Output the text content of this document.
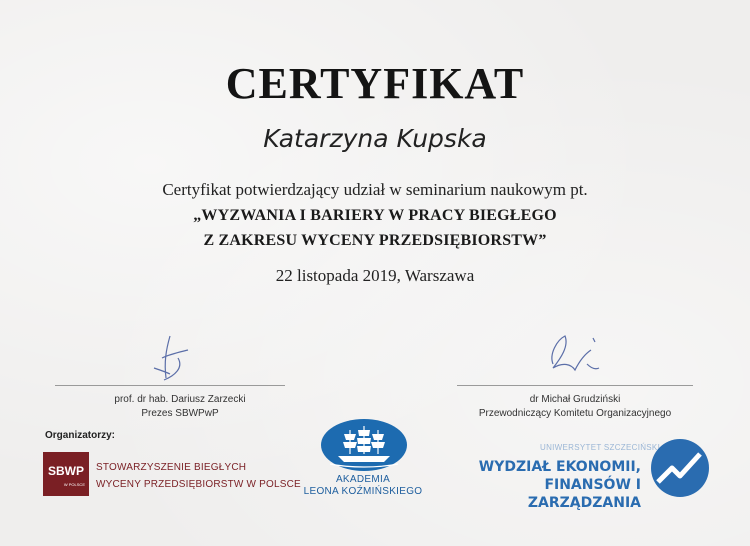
CERTYFIKAT
Katarzyna Kupska
Certyfikat potwierdzający udział w seminarium naukowym pt.
„WYZWANIA I BARIERY W PRACY BIEGŁEGO
Z ZAKRESU WYCENY PRZEDSIĘBIORSTW”
22 listopada 2019, Warszawa
prof. dr hab. Dariusz Zarzecki
Prezes SBWPwP
dr Michał Grudziński
Przewodniczący Komitetu Organizacyjnego
Organizatorzy:
SBWP
W POLSCE
STOWARZYSZENIE BIEGŁYCH
WYCENY PRZEDSIĘBIORSTW W POLSCE	AKADEMIA
LEONA KOŹMIŃSKIEGO
UNIWERSYTET SZCZECIŃSKI
WYDZIAŁ EKONOMII,
FINANSÓW I ZARZĄDZANIA
